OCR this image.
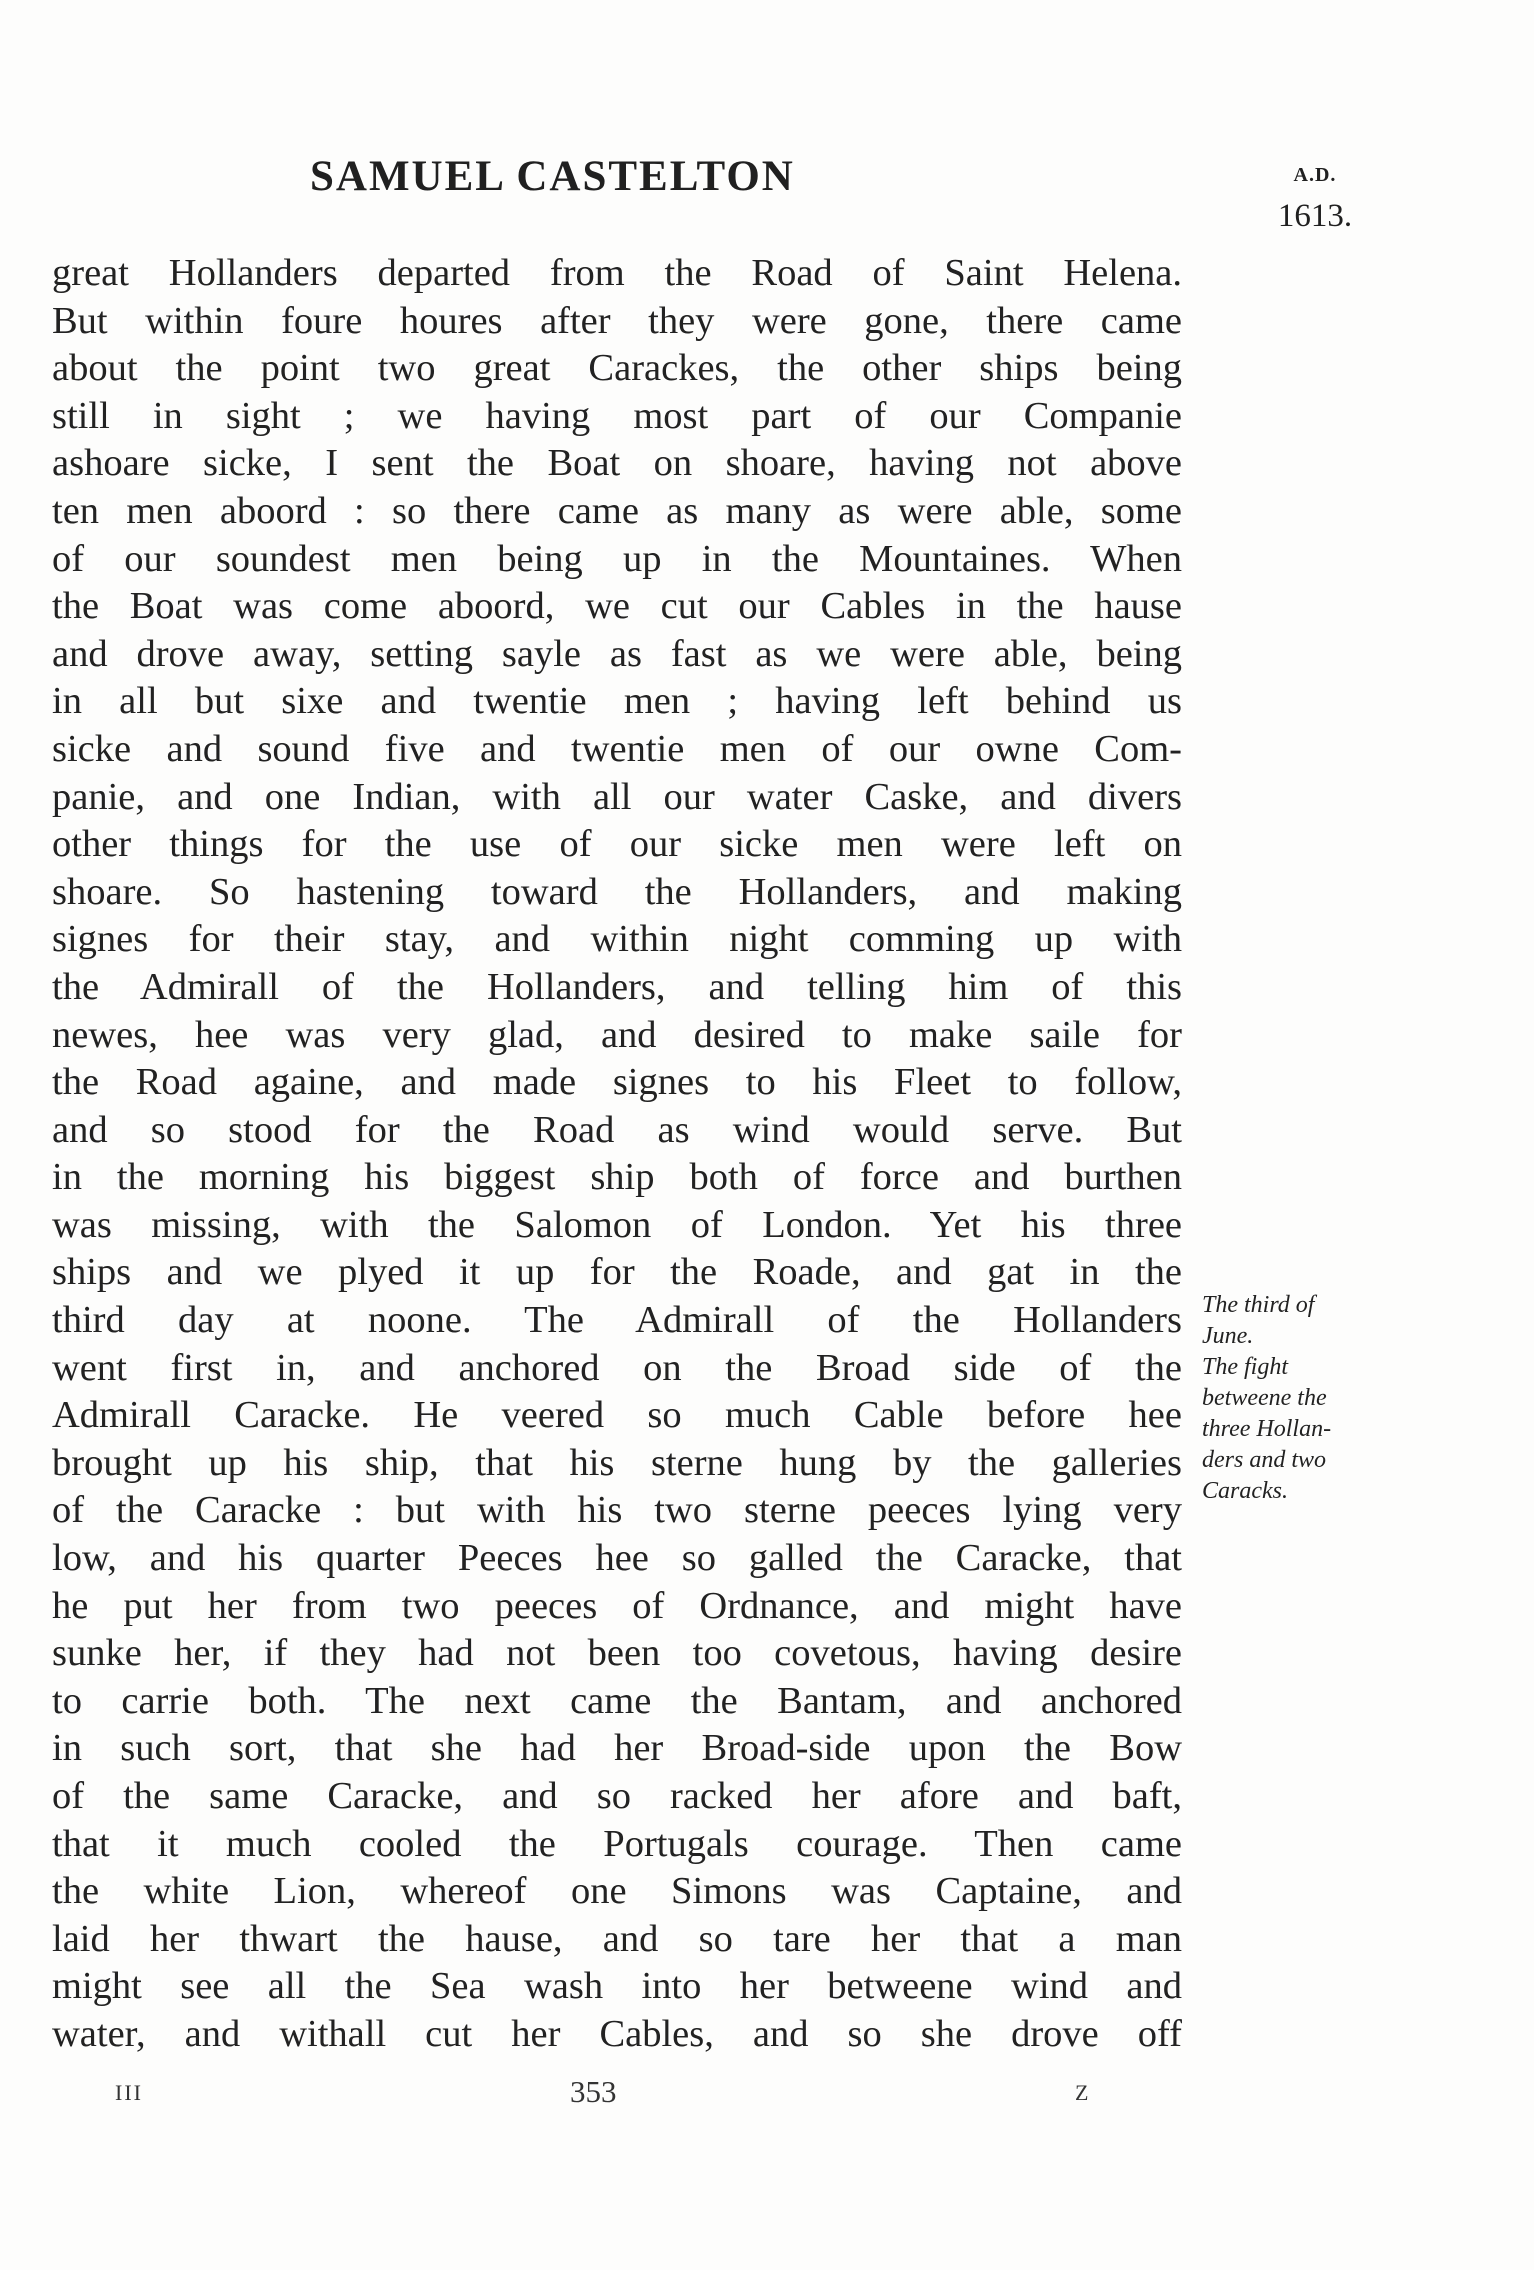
SAMUEL CASTELTON	A.D.
1613.
great Hollanders departed from the Road of Saint Helena.
But within foure houres after they were gone, there came
about the point two great Carackes, the other ships being
still in sight ; we having most part of our Companie
ashoare sicke, I sent the Boat on shoare, having not above
ten men aboord : so there came as many as were able, some
of our soundest men being up in the Mountaines. When
the Boat was come aboord, we cut our Cables in the hause
and drove away, setting sayle as fast as we were able, being
in all but sixe and twentie men ; having left behind us
sicke and sound five and twentie men of our owne Com-
panie, and one Indian, with all our water Caske, and divers
other things for the use of our sicke men were left on
shoare. So hastening toward the Hollanders, and making
signes for their stay, and within night comming up with
the Admirall of the Hollanders, and telling him of this
newes, hee was very glad, and desired to make saile for
the Road againe, and made signes to his Fleet to follow,
and so stood for the Road as wind would serve. But
in the morning his biggest ship both of force and burthen
was missing, with the Salomon of London. Yet his three
ships and we plyed it up for the Roade, and gat in the
third day at noone. The Admirall of the Hollanders
went first in, and anchored on the Broad side of the
Admirall Caracke. He veered so much Cable before hee
brought up his ship, that his sterne hung by the galleries
of the Caracke : but with his two sterne peeces lying very
low, and his quarter Peeces hee so galled the Caracke, that
he put her from two peeces of Ordnance, and might have
sunke her, if they had not been too covetous, having desire
to carrie both. The next came the Bantam, and anchored
in such sort, that she had her Broad-side upon the Bow
of the same Caracke, and so racked her afore and baft,
that it much cooled the Portugals courage. Then came
the white Lion, whereof one Simons was Captaine, and
laid her thwart the hause, and so tare her that a man
might see all the Sea wash into her betweene wind and
water, and withall cut her Cables, and so she drove off
The third of
June.
The fight
betweene the
three Hollan-
ders and two
Caracks.
III	353	Z
